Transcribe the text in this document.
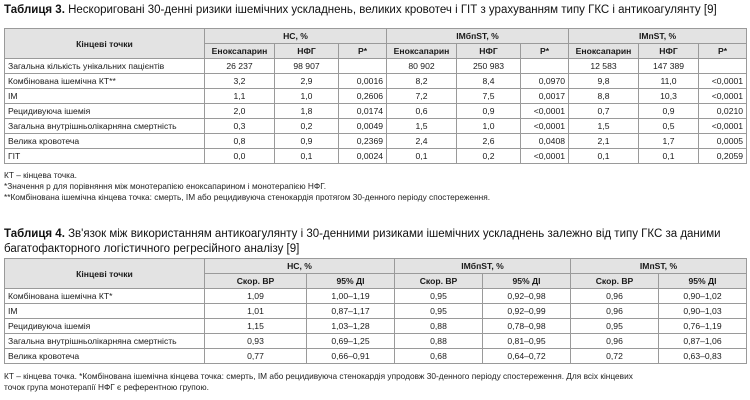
Таблиця 3. Нескориговані 30-денні ризики ішемічних ускладнень, великих кровотеч і ГІТ з урахуванням типу ГКС і антикоагулянту [9]
Кінцеві точки	НС, %			ІМбпST, %			ІМпST, %		
	Еноксапарин	НФГ	P*	Еноксапарин	НФГ	P*	Еноксапарин	НФГ	P*
Загальна кількість унікальних пацієнтів	26 237	98 907		80 902	250 983		12 583	147 389	
Комбінована ішемічна КТ**	3,2	2,9	0,0016	8,2	8,4	0,0970	9,8	11,0	<0,0001
ІМ	1,1	1,0	0,2606	7,2	7,5	0,0017	8,8	10,3	<0,0001
Рецидивуюча ішемія	2,0	1,8	0,0174	0,6	0,9	<0,0001	0,7	0,9	0,0210
Загальна внутрішньолікарняна смертність	0,3	0,2	0,0049	1,5	1,0	<0,0001	1,5	0,5	<0,0001
Велика кровотеча	0,8	0,9	0,2369	2,4	2,6	0,0408	2,1	1,7	0,0005
ГІТ	0,0	0,1	0,0024	0,1	0,2	<0,0001	0,1	0,1	0,2059
КТ – кінцева точка.
*Значення р для порівняння між монотерапією еноксапарином і монотерапією НФГ.
**Комбінована ішемічна кінцева точка: смерть, ІМ або рецидивуюча стенокардія протягом 30-денного періоду спостереження.
Таблиця 4. Зв'язок між використанням антикоагулянту і 30-денними ризиками ішемічних ускладнень залежно від типу ГКС за даними багатофакторного логістичного регресійного аналізу [9]
Кінцеві точки	НС, %		ІМбпST, %		ІМпST, %	
	Скор. ВР	95% ДІ	Скор. ВР	95% ДІ	Скор. ВР	95% ДІ
Комбінована ішемічна КТ*	1,09	1,00–1,19	0,95	0,92–0,98	0,96	0,90–1,02
ІМ	1,01	0,87–1,17	0,95	0,92–0,99	0,96	0,90–1,03
Рецидивуюча ішемія	1,15	1,03–1,28	0,88	0,78–0,98	0,95	0,76–1,19
Загальна внутрішньолікарняна смертність	0,93	0,69–1,25	0,88	0,81–0,95	0,96	0,87–1,06
Велика кровотеча	0,77	0,66–0,91	0,68	0,64–0,72	0,72	0,63–0,83
КТ – кінцева точка. *Комбінована ішемічна кінцева точка: смерть, ІМ або рецидивуюча стенокардія упродовж 30-денного періоду спостереження. Для всіх кінцевих
точок група монотерапії НФГ є референтною групою.
